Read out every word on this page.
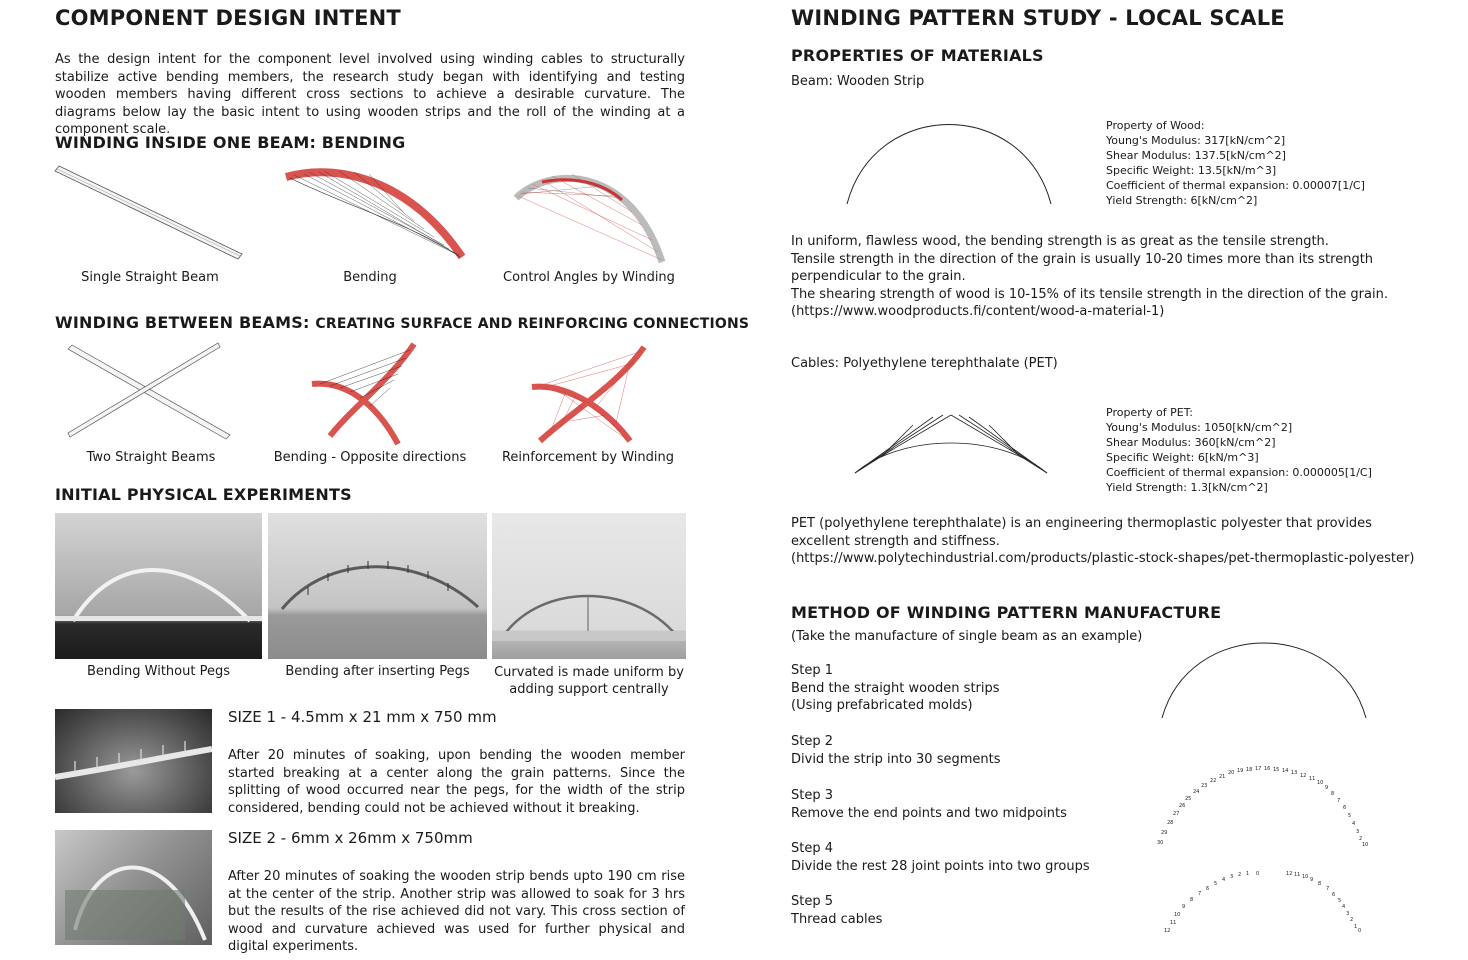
COMPONENT DESIGN INTENT
As the design intent for the component level involved using winding cables to structurally stabilize active bending members, the research study began with identifying and testing wooden members having different cross sections to achieve a desirable curvature. The diagrams below lay the basic intent to using wooden strips and the roll of the winding at a component scale.
WINDING INSIDE ONE BEAM: BENDING
Single Straight Beam	Bending	Control Angles by Winding
WINDING BETWEEN BEAMS: CREATING SURFACE AND REINFORCING CONNECTIONS
Two Straight Beams	Bending - Opposite directions	Reinforcement by Winding
INITIAL PHYSICAL EXPERIMENTS
Bending Without Pegs	Bending after inserting Pegs	Curvated is made uniform by adding support centrally
SIZE 1 - 4.5mm x 21 mm x 750 mm
After 20 minutes of soaking, upon bending the wooden member started breaking at a center along the grain patterns. Since the splitting of wood occurred near the pegs, for the width of the strip considered, bending could not be achieved without it breaking.
SIZE 2 - 6mm x 26mm x 750mm
After 20 minutes of soaking the wooden strip bends upto 190 cm rise at the center of the strip. Another strip was allowed to soak for 3 hrs but the results of the rise achieved did not vary. This cross section of wood and curvature achieved was used for further physical and digital experiments.
WINDING PATTERN STUDY - LOCAL SCALE
PROPERTIES OF MATERIALS
Beam: Wooden Strip
Property of Wood:
Young's Modulus: 317[kN/cm^2]
Shear Modulus: 137.5[kN/cm^2]
Specific Weight: 13.5[kN/m^3]
Coefficient of thermal expansion: 0.00007[1/C]
Yield Strength: 6[kN/cm^2]
In uniform, flawless wood, the bending strength is as great as the tensile strength.
Tensile strength in the direction of the grain is usually 10-20 times more than its strength perpendicular to the grain.
The shearing strength of wood is 10-15% of its tensile strength in the direction of the grain.
(https://www.woodproducts.fi/content/wood-a-material-1)
Cables: Polyethylene terephthalate (PET)
Property of PET:
Young's Modulus: 1050[kN/cm^2]
Shear Modulus: 360[kN/cm^2]
Specific Weight: 6[kN/m^3]
Coefficient of thermal expansion: 0.000005[1/C]
Yield Strength: 1.3[kN/cm^2]
PET (polyethylene terephthalate) is an engineering thermoplastic polyester that provides excellent strength and stiffness.
(https://www.polytechindustrial.com/products/plastic-stock-shapes/pet-thermoplastic-polyester)
METHOD OF WINDING PATTERN MANUFACTURE
(Take the manufacture of single beam as an example)
Step 1
Bend the straight wooden strips
(Using prefabricated molds)
Step 2
Divid the strip into 30 segments
Step 3
Remove the end points and two midpoints
Step 4
Divide the rest 28 joint points into two groups
Step 5
Thread cables
30
29
28
27
26
25
24
23
22
21
20 19 18 17 16 15 14 13 12 11
10
9
8
7
6
5
4
3
2
1 0
12
11
10
9
8
7
6
5
4 3 2 1 0	12 11 10 9
8
7
6
5
4
3
2
1
0
